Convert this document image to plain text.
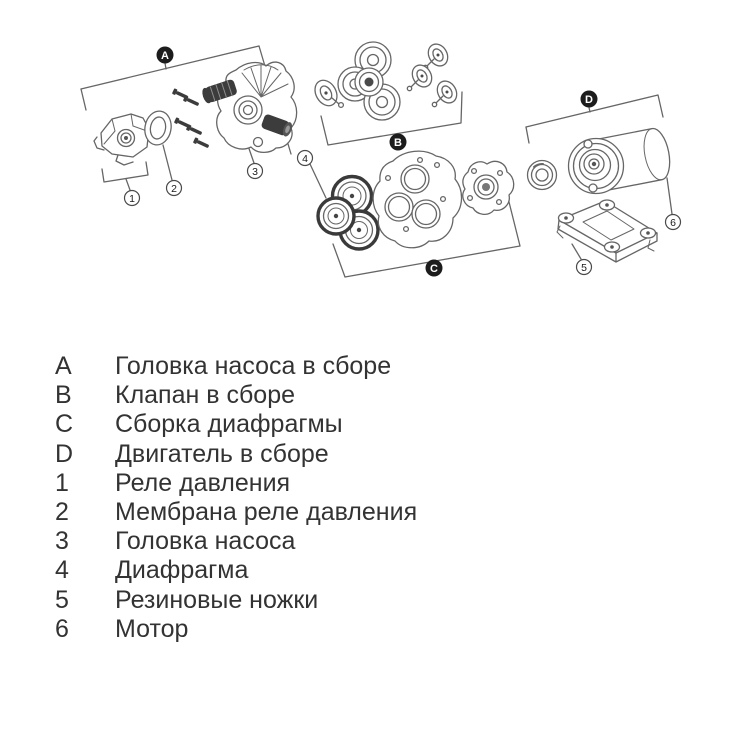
A
B
C
D
1
2
3
4
5
6
A	Головка насоса в сборе
B	Клапан в сборе
C	Сборка диафрагмы
D	Двигатель в сборе
1	Реле давления
2	Мембрана реле давления
3	Головка насоса
4	Диафрагма
5	Резиновые ножки
6	Мотор
